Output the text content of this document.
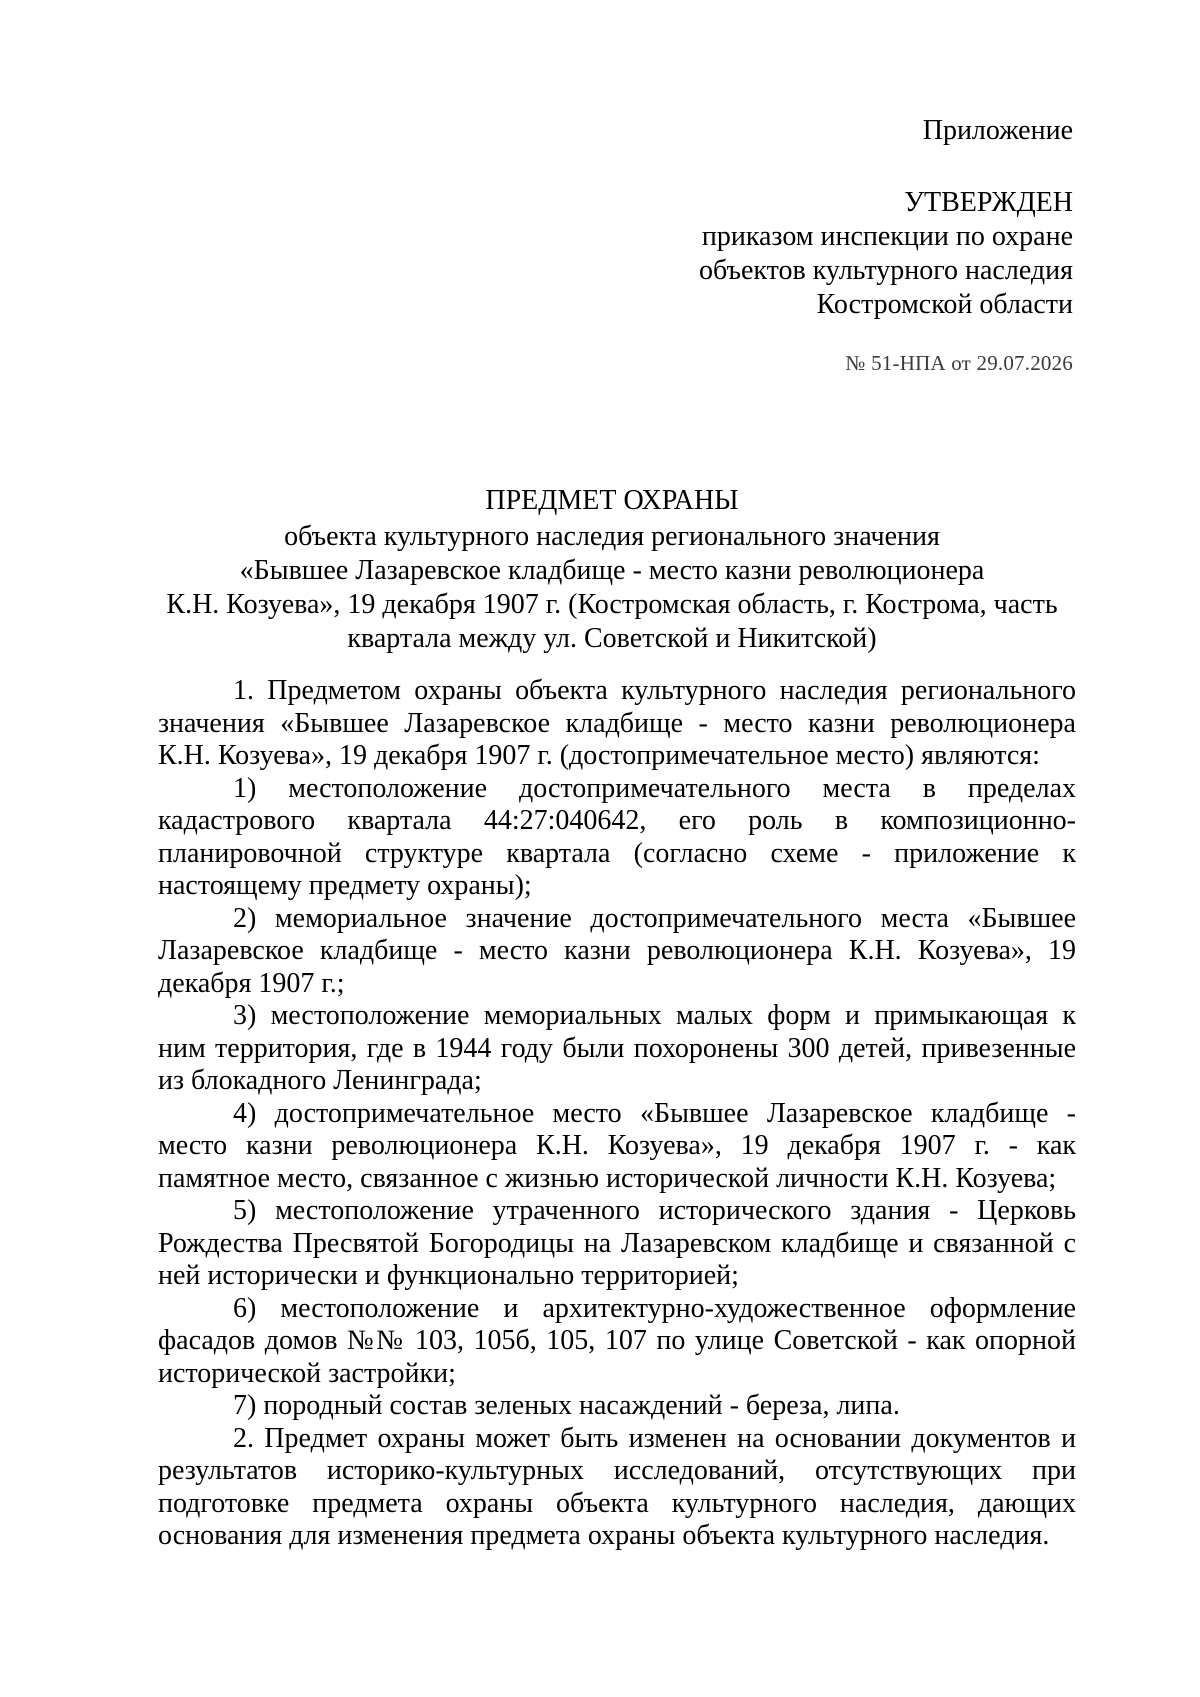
Приложение
УТВЕРЖДЕН
приказом инспекции по охране
объектов культурного наследия
Костромской области
№ 51-НПА от 29.07.2026
ПРЕДМЕТ ОХРАНЫ
объекта культурного наследия регионального значения
«Бывшее Лазаревское кладбище - место казни революционера
К.Н. Козуева», 19 декабря 1907 г. (Костромская область, г. Кострома, часть
квартала между ул. Советской и Никитской)

1. Предметом охраны объекта культурного наследия регионального значения «Бывшее Лазаревское кладбище - место казни революционера К.Н. Козуева», 19 декабря 1907 г. (достопримечательное место) являются:

1) местоположение достопримечательного места в пределах кадастрового квартала 44:27:040642, его роль в композиционно-планировочной структуре квартала (согласно схеме - приложение к настоящему предмету охраны);

2) мемориальное значение достопримечательного места «Бывшее Лазаревское кладбище - место казни революционера К.Н. Козуева», 19 декабря 1907 г.;

3) местоположение мемориальных малых форм и примыкающая к ним территория, где в 1944 году были похоронены 300 детей, привезенные из блокадного Ленинграда;

4) достопримечательное место «Бывшее Лазаревское кладбище - место казни революционера К.Н. Козуева», 19 декабря 1907 г. - как памятное место, связанное с жизнью исторической личности К.Н. Козуева;

5) местоположение утраченного исторического здания - Церковь Рождества Пресвятой Богородицы на Лазаревском кладбище и связанной с ней исторически и функционально территорией;

6) местоположение и архитектурно-художественное оформление фасадов домов №№ 103, 105б, 105, 107 по улице Советской - как опорной исторической застройки;

7) породный состав зеленых насаждений - береза, липа.

2. Предмет охраны может быть изменен на основании документов и результатов историко-культурных исследований, отсутствующих при подготовке предмета охраны объекта культурного наследия, дающих основания для изменения предмета охраны объекта культурного наследия.
